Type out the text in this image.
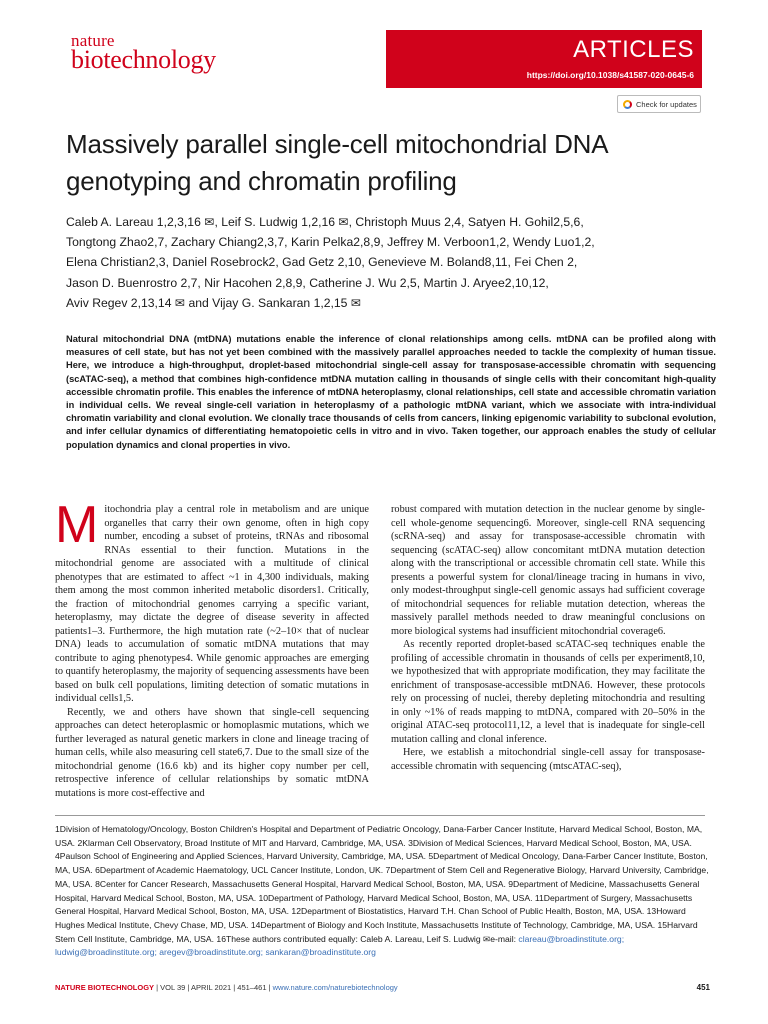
nature
biotechnology	ARTICLES
https://doi.org/10.1038/s41587-020-0645-6
Check for updates
Massively parallel single-cell mitochondrial DNA genotyping and chromatin profiling
Caleb A. Lareau 1,2,3,16 ✉, Leif S. Ludwig 1,2,16 ✉, Christoph Muus 2,4, Satyen H. Gohil2,5,6,
Tongtong Zhao2,7, Zachary Chiang2,3,7, Karin Pelka2,8,9, Jeffrey M. Verboon1,2, Wendy Luo1,2,
Elena Christian2,3, Daniel Rosebrock2, Gad Getz 2,10, Genevieve M. Boland8,11, Fei Chen 2,
Jason D. Buenrostro 2,7, Nir Hacohen 2,8,9, Catherine J. Wu 2,5, Martin J. Aryee2,10,12,
Aviv Regev 2,13,14 ✉ and Vijay G. Sankaran 1,2,15 ✉
Natural mitochondrial DNA (mtDNA) mutations enable the inference of clonal relationships among cells. mtDNA can be profiled along with measures of cell state, but has not yet been combined with the massively parallel approaches needed to tackle the complexity of human tissue. Here, we introduce a high-throughput, droplet-based mitochondrial single-cell assay for transposase-accessible chromatin with sequencing (scATAC-seq), a method that combines high-confidence mtDNA mutation calling in thousands of single cells with their concomitant high-quality accessible chromatin profile. This enables the inference of mtDNA heteroplasmy, clonal relationships, cell state and accessible chromatin variation in individual cells. We reveal single-cell variation in heteroplasmy of a pathologic mtDNA variant, which we associate with intra-individual chromatin variability and clonal evolution. We clonally trace thousands of cells from cancers, linking epigenomic variability to subclonal evolution, and infer cellular dynamics of differentiating hematopoietic cells in vitro and in vivo. Taken together, our approach enables the study of cellular population dynamics and clonal properties in vivo.

Mitochondria play a central role in metabolism and are unique organelles that carry their own genome, often in high copy number, encoding a subset of proteins, tRNAs and ribosomal RNAs essential to their function. Mutations in the mitochondrial genome are associated with a multitude of clinical phenotypes that are estimated to affect ~1 in 4,300 individuals, making them among the most common inherited metabolic disorders1. Critically, the fraction of mitochondrial genomes carrying a specific variant, heteroplasmy, may dictate the degree of disease severity in affected patients1–3. Furthermore, the high mutation rate (~2–10× that of nuclear DNA) leads to accumulation of somatic mtDNA mutations that may contribute to aging phenotypes4. While genomic approaches are emerging to quantify heteroplasmy, the majority of sequencing assessments have been based on bulk cell populations, limiting detection of somatic mutations in individual cells1,5.

Recently, we and others have shown that single-cell sequencing approaches can detect heteroplasmic or homoplasmic mutations, which we further leveraged as natural genetic markers in clone and lineage tracing of human cells, while also measuring cell state6,7. Due to the small size of the mitochondrial genome (16.6 kb) and its higher copy number per cell, retrospective inference of cellular relationships by somatic mtDNA mutations is more cost-effective and

robust compared with mutation detection in the nuclear genome by single-cell whole-genome sequencing6. Moreover, single-cell RNA sequencing (scRNA-seq) and assay for transposase-accessible chromatin with sequencing (scATAC-seq) allow concomitant mtDNA mutation detection along with the transcriptional or accessible chromatin cell state. While this presents a powerful system for clonal/lineage tracing in humans in vivo, only modest-throughput single-cell genomic assays had sufficient coverage of mitochondrial sequences for reliable mutation detection, whereas the massively parallel methods needed to draw meaningful conclusions on more biological systems had insufficient mitochondrial coverage6.

As recently reported droplet-based scATAC-seq techniques enable the profiling of accessible chromatin in thousands of cells per experiment8,10, we hypothesized that with appropriate modification, they may facilitate the enrichment of transposase-accessible mtDNA6. However, these protocols rely on processing of nuclei, thereby depleting mitochondria and resulting in only ~1% of reads mapping to mtDNA, compared with 20–50% in the original ATAC-seq protocol11,12, a level that is inadequate for single-cell mutation calling and clonal inference.

Here, we establish a mitochondrial single-cell assay for transposase-accessible chromatin with sequencing (mtscATAC-seq),

1Division of Hematology/Oncology, Boston Children's Hospital and Department of Pediatric Oncology, Dana-Farber Cancer Institute, Harvard Medical School, Boston, MA, USA. 2Klarman Cell Observatory, Broad Institute of MIT and Harvard, Cambridge, MA, USA. 3Division of Medical Sciences, Harvard Medical School, Boston, MA, USA. 4Paulson School of Engineering and Applied Sciences, Harvard University, Cambridge, MA, USA. 5Department of Medical Oncology, Dana-Farber Cancer Institute, Boston, MA, USA. 6Department of Academic Haematology, UCL Cancer Institute, London, UK. 7Department of Stem Cell and Regenerative Biology, Harvard University, Cambridge, MA, USA. 8Center for Cancer Research, Massachusetts General Hospital, Harvard Medical School, Boston, MA, USA. 9Department of Medicine, Massachusetts General Hospital, Harvard Medical School, Boston, MA, USA. 10Department of Pathology, Harvard Medical School, Boston, MA, USA. 11Department of Surgery, Massachusetts General Hospital, Harvard Medical School, Boston, MA, USA. 12Department of Biostatistics, Harvard T.H. Chan School of Public Health, Boston, MA, USA. 13Howard Hughes Medical Institute, Chevy Chase, MD, USA. 14Department of Biology and Koch Institute, Massachusetts Institute of Technology, Cambridge, MA, USA. 15Harvard Stem Cell Institute, Cambridge, MA, USA. 16These authors contributed equally: Caleb A. Lareau, Leif S. Ludwig ✉e-mail: clareau@broadinstitute.org; ludwig@broadinstitute.org; aregev@broadinstitute.org; sankaran@broadinstitute.org
NATURE BIOTECHNOLOGY | VOL 39 | APRIL 2021 | 451–461 | www.nature.com/naturebiotechnology	451
